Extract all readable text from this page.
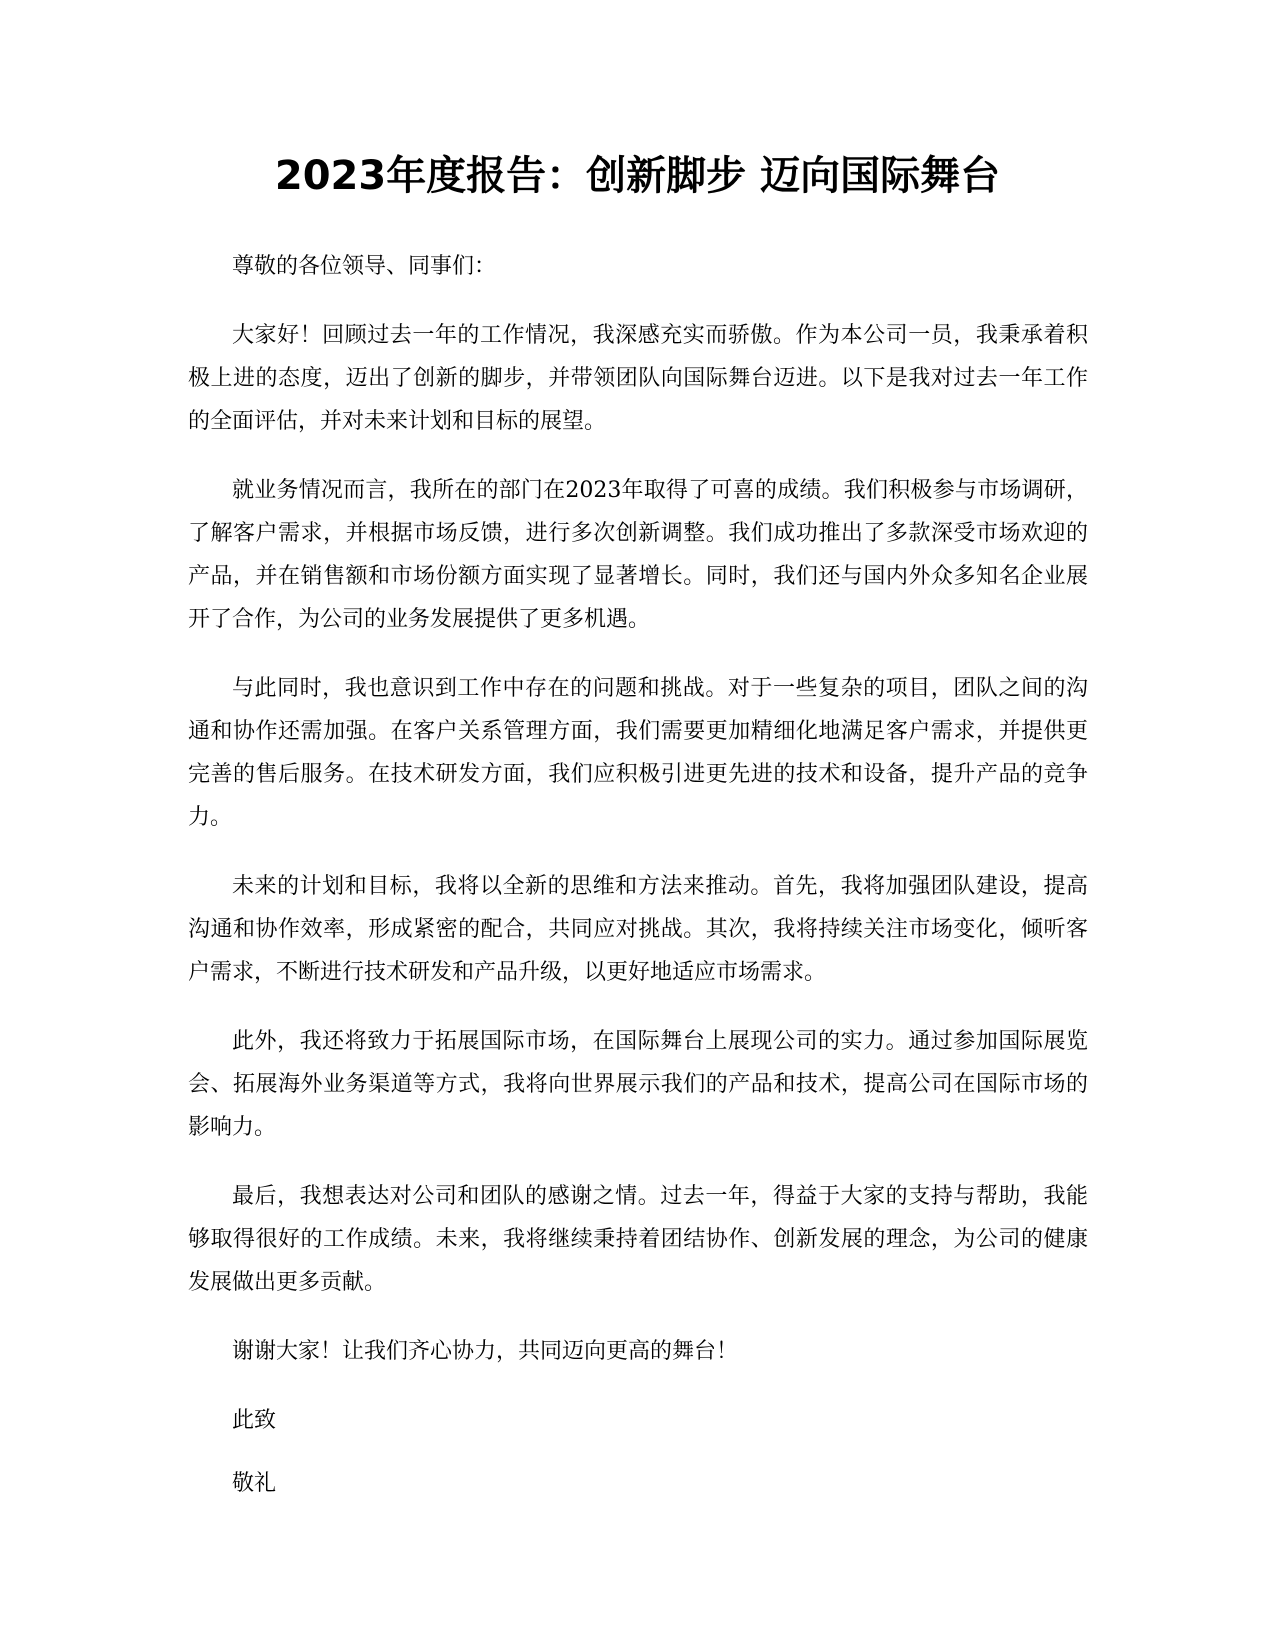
2023年度报告：创新脚步 迈向国际舞台

尊敬的各位领导、同事们：

大家好！回顾过去一年的工作情况，我深感充实而骄傲。作为本公司一员，我秉承着积极上进的态度，迈出了创新的脚步，并带领团队向国际舞台迈进。以下是我对过去一年工作的全面评估，并对未来计划和目标的展望。

就业务情况而言，我所在的部门在2023年取得了可喜的成绩。我们积极参与市场调研，了解客户需求，并根据市场反馈，进行多次创新调整。我们成功推出了多款深受市场欢迎的产品，并在销售额和市场份额方面实现了显著增长。同时，我们还与国内外众多知名企业展开了合作，为公司的业务发展提供了更多机遇。

与此同时，我也意识到工作中存在的问题和挑战。对于一些复杂的项目，团队之间的沟通和协作还需加强。在客户关系管理方面，我们需要更加精细化地满足客户需求，并提供更完善的售后服务。在技术研发方面，我们应积极引进更先进的技术和设备，提升产品的竞争力。

未来的计划和目标，我将以全新的思维和方法来推动。首先，我将加强团队建设，提高沟通和协作效率，形成紧密的配合，共同应对挑战。其次，我将持续关注市场变化，倾听客户需求，不断进行技术研发和产品升级，以更好地适应市场需求。

此外，我还将致力于拓展国际市场，在国际舞台上展现公司的实力。通过参加国际展览会、拓展海外业务渠道等方式，我将向世界展示我们的产品和技术，提高公司在国际市场的影响力。

最后，我想表达对公司和团队的感谢之情。过去一年，得益于大家的支持与帮助，我能够取得很好的工作成绩。未来，我将继续秉持着团结协作、创新发展的理念，为公司的健康发展做出更多贡献。

谢谢大家！让我们齐心协力，共同迈向更高的舞台！

此致

敬礼
